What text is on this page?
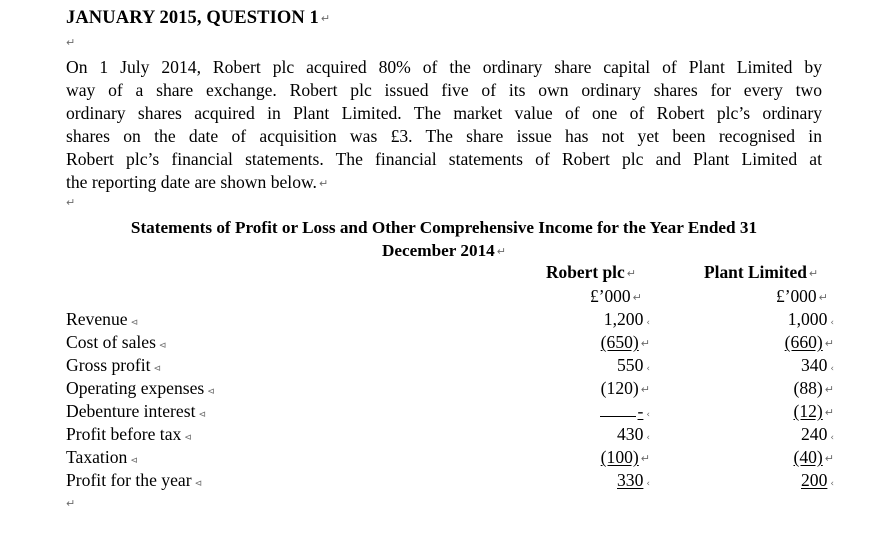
JANUARY 2015, QUESTION 1 ↵
↵
On 1 July 2014, Robert plc acquired 80% of the ordinary share capital of Plant Limited by
way of a share exchange. Robert plc issued five of its own ordinary shares for every two
ordinary shares acquired in Plant Limited. The market value of one of Robert plc’s ordinary
shares on the date of acquisition was £3. The share issue has not yet been recognised in
Robert plc’s financial statements. The financial statements of Robert plc and Plant Limited at
the reporting date are shown below. ↵
↵
Statements of Profit or Loss and Other Comprehensive Income for the Year Ended 31
December 2014 ↵
Robert plc ↵	Plant Limited ↵
£’000 ↵	£’000 ↵
Revenue ⊲
Cost of sales ⊲
Gross profit ⊲
Operating expenses ⊲
Debenture interest ⊲
Profit before tax ⊲
Taxation ⊲
Profit for the year ⊲
1,200 ‹
(650) ↵
550 ‹
(120) ↵
- ‹
430 ‹
(100) ↵
330 ‹
1,000 ‹
(660) ↵
340 ‹
(88) ↵
(12) ↵
240 ‹
(40) ↵
200 ‹
↵
